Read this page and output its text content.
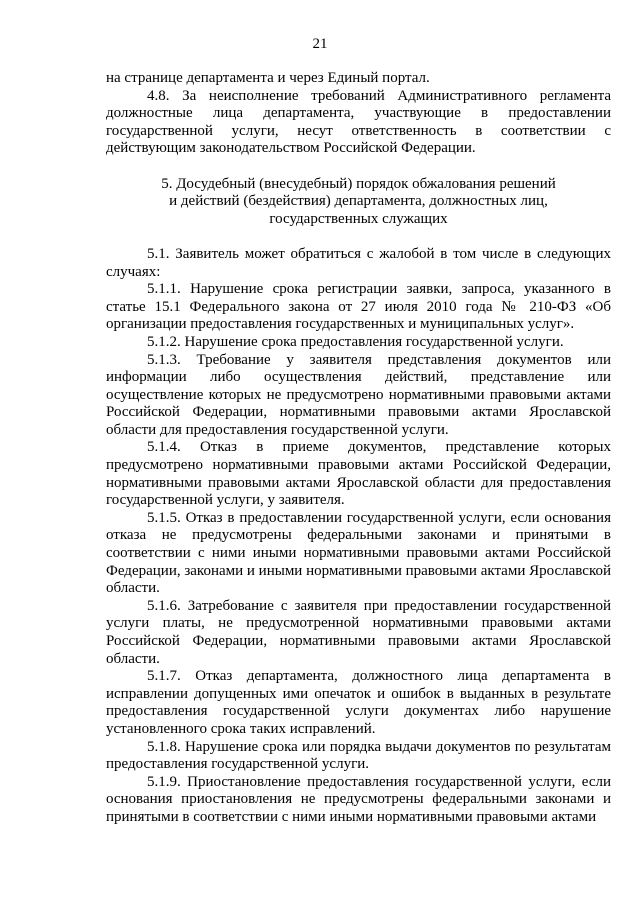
21

на странице департамента и через Единый портал.

4.8. За неисполнение требований Административного регламента должностные лица департамента, участвующие в предоставлении государственной услуги, несут ответственность в соответствии с действующим законодательством Российской Федерации.

5. Досудебный (внесудебный) порядок обжалования решений
и действий (бездействия) департамента, должностных лиц,
государственных служащих

5.1. Заявитель может обратиться с жалобой в том числе в следующих случаях:

5.1.1. Нарушение срока регистрации заявки, запроса, указанного в статье 15.1 Федерального закона от 27 июля 2010 года № 210-ФЗ «Об организации предоставления государственных и муниципальных услуг».

5.1.2. Нарушение срока предоставления государственной услуги.

5.1.3. Требование у заявителя представления документов или информации либо осуществления действий, представление или осуществление которых не предусмотрено нормативными правовыми актами Российской Федерации, нормативными правовыми актами Ярославской области для предоставления государственной услуги.

5.1.4. Отказ в приеме документов, представление которых предусмотрено нормативными правовыми актами Российской Федерации, нормативными правовыми актами Ярославской области для предоставления государственной услуги, у заявителя.

5.1.5. Отказ в предоставлении государственной услуги, если основания отказа не предусмотрены федеральными законами и принятыми в соответствии с ними иными нормативными правовыми актами Российской Федерации, законами и иными нормативными правовыми актами Ярославской области.

5.1.6. Затребование с заявителя при предоставлении государственной услуги платы, не предусмотренной нормативными правовыми актами Российской Федерации, нормативными правовыми актами Ярославской области.

5.1.7. Отказ департамента, должностного лица департамента в исправлении допущенных ими опечаток и ошибок в выданных в результате предоставления государственной услуги документах либо нарушение установленного срока таких исправлений.

5.1.8. Нарушение срока или порядка выдачи документов по результатам предоставления государственной услуги.

5.1.9. Приостановление предоставления государственной услуги, если основания приостановления не предусмотрены федеральными законами и принятыми в соответствии с ними иными нормативными правовыми актами
